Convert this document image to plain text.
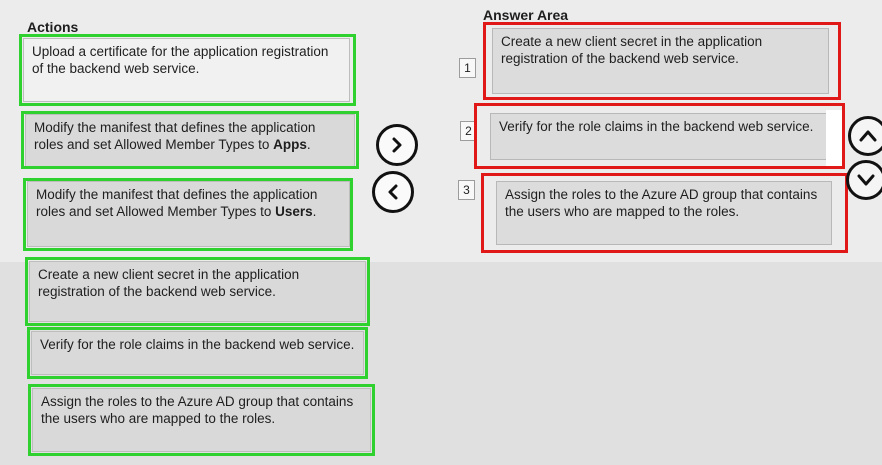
Actions
Answer Area
Upload a certificate for the application registration of the backend web service.
Modify the manifest that defines the application roles and set Allowed Member Types to Apps.
Modify the manifest that defines the application roles and set Allowed Member Types to Users.
Create a new client secret in the application registration of the backend web service.
Verify for the role claims in the backend web service.
Assign the roles to the Azure AD group that contains the users who are mapped to the roles.
1
Create a new client secret in the application registration of the backend web service.
2	Verify for the role claims in the backend web service.
3	Assign the roles to the Azure AD group that contains the users who are mapped to the roles.
